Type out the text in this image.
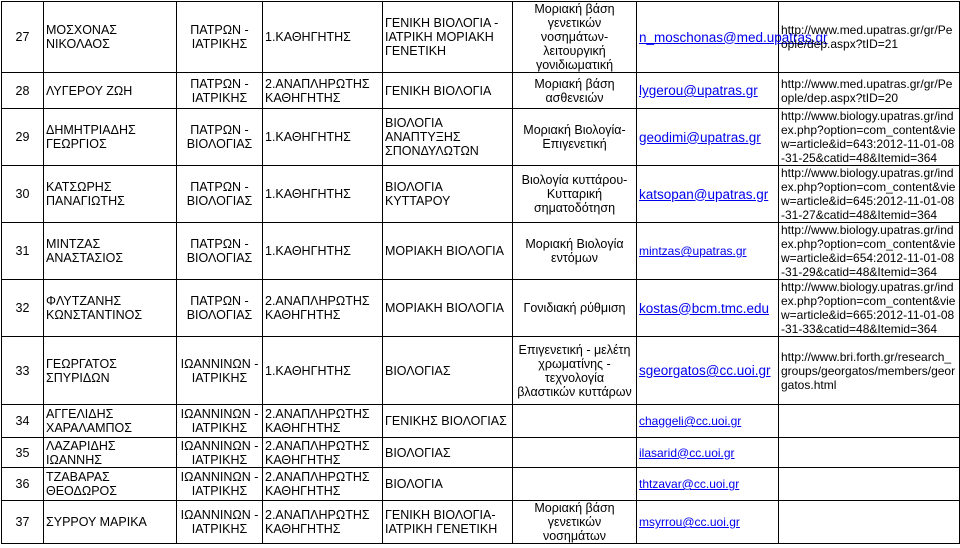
27	ΜΟΣΧΟΝΑΣ ΝΙΚΟΛΑΟΣ	ΠΑΤΡΩΝ - ΙΑΤΡΙΚΗΣ	1.ΚΑΘΗΓΗΤΗΣ	ΓΕΝΙΚΗ ΒΙΟΛΟΓΙΑ - ΙΑΤΡΙΚΗ ΜΟΡΙΑΚΗ ΓΕΝΕΤΙΚΗ	Μοριακή βάση γενετικών νοσημάτων-λειτουργική γονιδιωματική	n_moschonas@med.upatras.gr	http://www.med.upatras.gr/gr/People/dep.aspx?tID=21
28	ΛΥΓΕΡΟΥ ΖΩΗ	ΠΑΤΡΩΝ - ΙΑΤΡΙΚΗΣ	2.ΑΝΑΠΛΗΡΩΤΗΣ ΚΑΘΗΓΗΤΗΣ	ΓΕΝΙΚΗ ΒΙΟΛΟΓΙΑ	Μοριακή βάση ασθενειών	lygerou@upatras.gr	http://www.med.upatras.gr/gr/People/dep.aspx?tID=20
29	ΔΗΜΗΤΡΙΑΔΗΣ ΓΕΩΡΓΙΟΣ	ΠΑΤΡΩΝ - ΒΙΟΛΟΓΙΑΣ	1.ΚΑΘΗΓΗΤΗΣ	ΒΙΟΛΟΓΙΑ ΑΝΑΠΤΥΞΗΣ ΣΠΟΝΔΥΛΩΤΩΝ	Μοριακή Βιολογία-Επιγενετική	geodimi@upatras.gr	http://www.biology.upatras.gr/index.php?option=com_content&view=article&id=643:2012-11-01-08-31-25&catid=48&Itemid=364
30	ΚΑΤΣΩΡΗΣ ΠΑΝΑΓΙΩΤΗΣ	ΠΑΤΡΩΝ - ΒΙΟΛΟΓΙΑΣ	1.ΚΑΘΗΓΗΤΗΣ	ΒΙΟΛΟΓΙΑ ΚΥΤΤΑΡΟΥ	Βιολογία κυττάρου-Κυτταρική σηματοδότηση	katsopan@upatras.gr	http://www.biology.upatras.gr/index.php?option=com_content&view=article&id=645:2012-11-01-08-31-27&catid=48&Itemid=364
31	ΜΙΝΤΖΑΣ ΑΝΑΣΤΑΣΙΟΣ	ΠΑΤΡΩΝ - ΒΙΟΛΟΓΙΑΣ	1.ΚΑΘΗΓΗΤΗΣ	ΜΟΡΙΑΚΗ ΒΙΟΛΟΓΙΑ	Μοριακή Βιολογία εντόμων	mintzas@upatras.gr	http://www.biology.upatras.gr/index.php?option=com_content&view=article&id=654:2012-11-01-08-31-29&catid=48&Itemid=364
32	ΦΛΥΤΖΑΝΗΣ ΚΩΝΣΤΑΝΤΙΝΟΣ	ΠΑΤΡΩΝ - ΒΙΟΛΟΓΙΑΣ	2.ΑΝΑΠΛΗΡΩΤΗΣ ΚΑΘΗΓΗΤΗΣ	ΜΟΡΙΑΚΗ ΒΙΟΛΟΓΙΑ	Γονιδιακή ρύθμιση	kostas@bcm.tmc.edu	http://www.biology.upatras.gr/index.php?option=com_content&view=article&id=665:2012-11-01-08-31-33&catid=48&Itemid=364
33	ΓΕΩΡΓΑΤΟΣ ΣΠΥΡΙΔΩΝ	ΙΩΑΝΝΙΝΩΝ - ΙΑΤΡΙΚΗΣ	1.ΚΑΘΗΓΗΤΗΣ	ΒΙΟΛΟΓΙΑΣ	Επιγενετική - μελέτη χρωματίνης - τεχνολογία βλαστικών κυττάρων	sgeorgatos@cc.uoi.gr	http://www.bri.forth.gr/research_groups/georgatos/members/georgatos.html
34	ΑΓΓΕΛΙΔΗΣ ΧΑΡΑΛΑΜΠΟΣ	ΙΩΑΝΝΙΝΩΝ - ΙΑΤΡΙΚΗΣ	2.ΑΝΑΠΛΗΡΩΤΗΣ ΚΑΘΗΓΗΤΗΣ	ΓΕΝΙΚΗΣ ΒΙΟΛΟΓΙΑΣ		chaggeli@cc.uoi.gr	
35	ΛΑΖΑΡΙΔΗΣ ΙΩΑΝΝΗΣ	ΙΩΑΝΝΙΝΩΝ - ΙΑΤΡΙΚΗΣ	2.ΑΝΑΠΛΗΡΩΤΗΣ ΚΑΘΗΓΗΤΗΣ	ΒΙΟΛΟΓΙΑΣ		ilasarid@cc.uoi.gr	
36	ΤΖΑΒΑΡΑΣ ΘΕΟΔΩΡΟΣ	ΙΩΑΝΝΙΝΩΝ - ΙΑΤΡΙΚΗΣ	2.ΑΝΑΠΛΗΡΩΤΗΣ ΚΑΘΗΓΗΤΗΣ	ΒΙΟΛΟΓΙΑ		thtzavar@cc.uoi.gr	
37	ΣΥΡΡΟΥ ΜΑΡΙΚΑ	ΙΩΑΝΝΙΝΩΝ - ΙΑΤΡΙΚΗΣ	2.ΑΝΑΠΛΗΡΩΤΗΣ ΚΑΘΗΓΗΤΗΣ	ΓΕΝΙΚΗ ΒΙΟΛΟΓΙΑ-ΙΑΤΡΙΚΗ ΓΕΝΕΤΙΚΗ	Μοριακή βάση γενετικών νοσημάτων	msyrrou@cc.uoi.gr	
